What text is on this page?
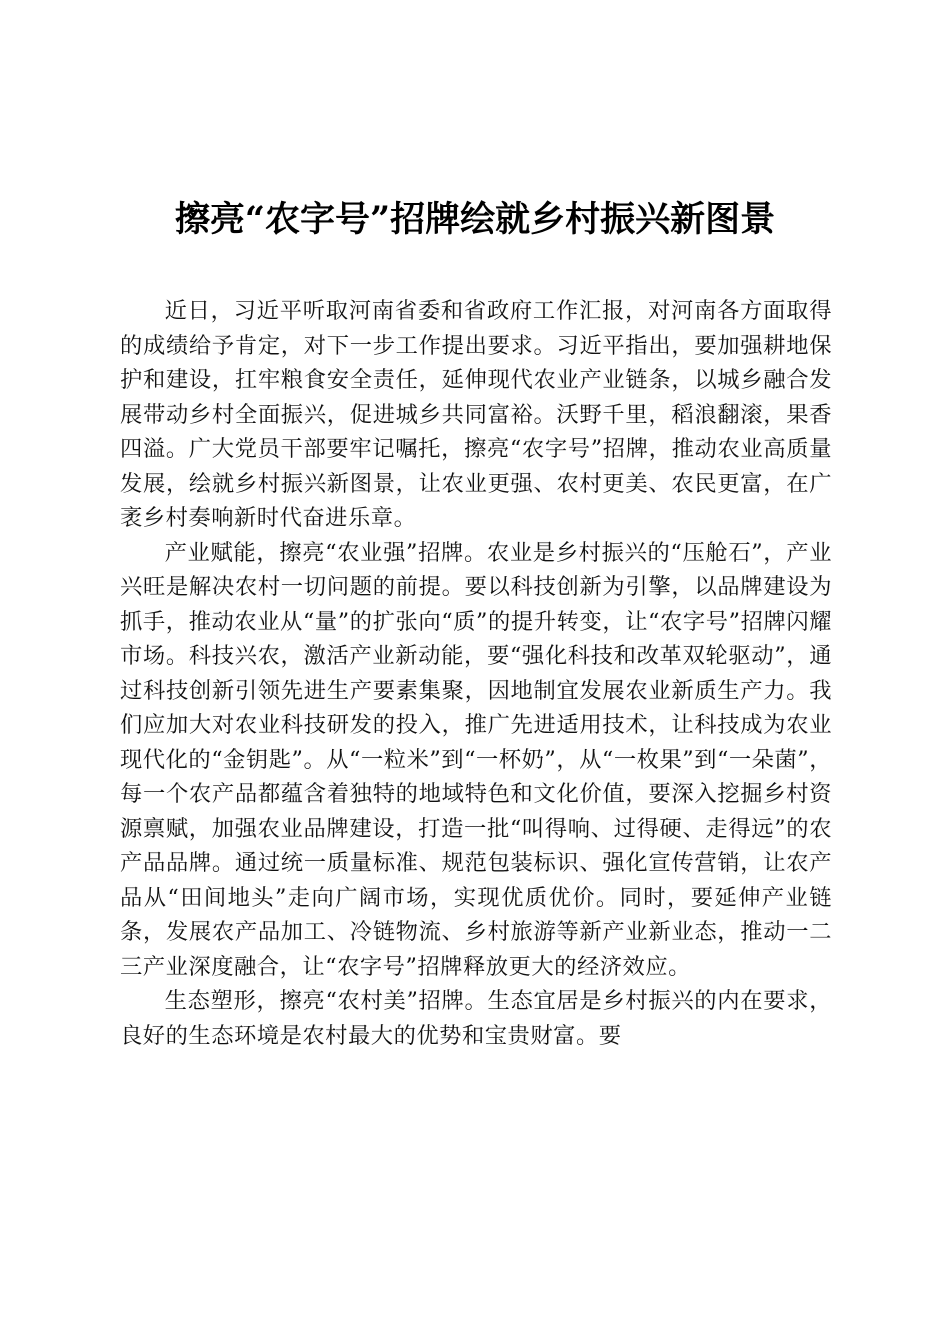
擦亮“农字号”招牌绘就乡村振兴新图景

近日，习近平听取河南省委和省政府工作汇报，对河南各方面取得的成绩给予肯定，对下一步工作提出要求。习近平指出，要加强耕地保护和建设，扛牢粮食安全责任，延伸现代农业产业链条，以城乡融合发展带动乡村全面振兴，促进城乡共同富裕。沃野千里，稻浪翻滚，果香四溢。广大党员干部要牢记嘱托，擦亮“农字号”招牌，推动农业高质量发展，绘就乡村振兴新图景，让农业更强、农村更美、农民更富，在广袤乡村奏响新时代奋进乐章。

产业赋能，擦亮“农业强”招牌。农业是乡村振兴的“压舱石”，产业兴旺是解决农村一切问题的前提。要以科技创新为引擎，以品牌建设为抓手，推动农业从“量”的扩张向“质”的提升转变，让“农字号”招牌闪耀市场。科技兴农，激活产业新动能，要“强化科技和改革双轮驱动”，通过科技创新引领先进生产要素集聚，因地制宜发展农业新质生产力。我们应加大对农业科技研发的投入，推广先进适用技术，让科技成为农业现代化的“金钥匙”。从“一粒米”到“一杯奶”，从“一枚果”到“一朵菌”，每一个农产品都蕴含着独特的地域特色和文化价值，要深入挖掘乡村资源禀赋，加强农业品牌建设，打造一批“叫得响、过得硬、走得远”的农产品品牌。通过统一质量标准、规范包装标识、强化宣传营销，让农产品从“田间地头”走向广阔市场，实现优质优价。同时，要延伸产业链条，发展农产品加工、冷链物流、乡村旅游等新产业新业态，推动一二三产业深度融合，让“农字号”招牌释放更大的经济效应。

生态塑形，擦亮“农村美”招牌。生态宜居是乡村振兴的内在要求，良好的生态环境是农村最大的优势和宝贵财富。要
